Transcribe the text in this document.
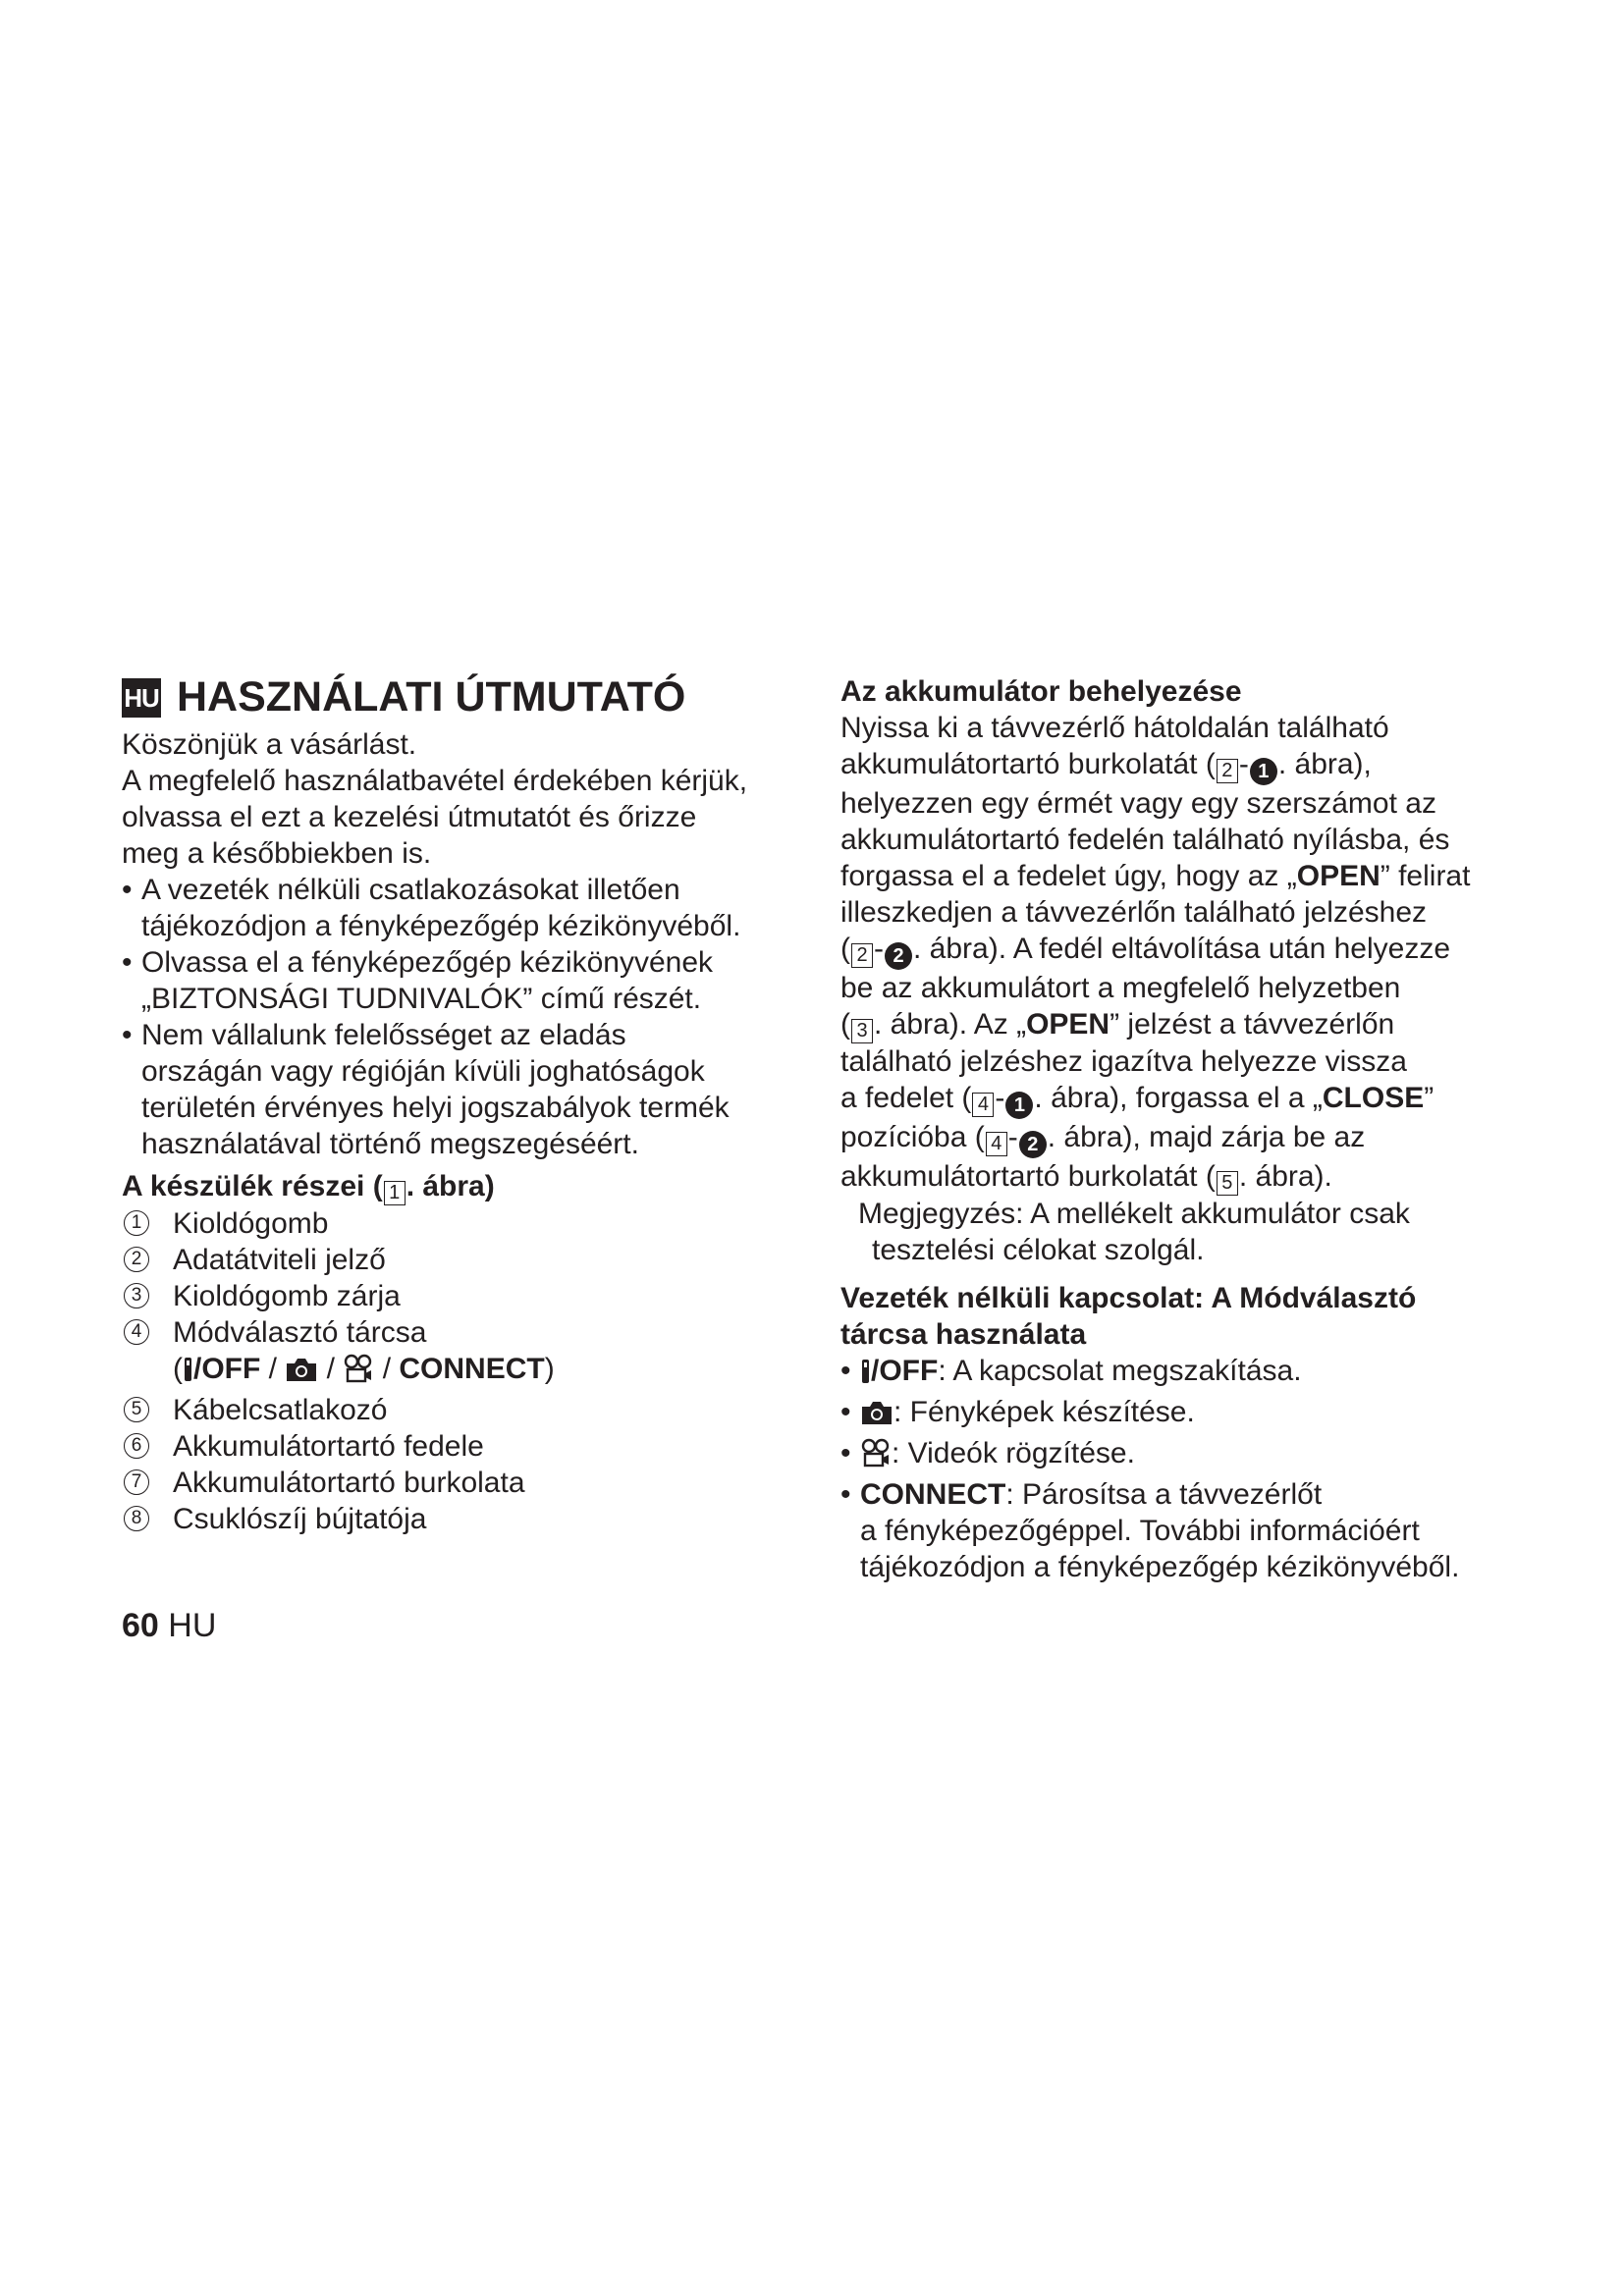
HU HASZNÁLATI ÚTMUTATÓ

Köszönjük a vásárlást.

A megfelelő használatbavétel érdekében kérjük,

olvassa el ezt a kezelési útmutatót és őrizze

meg a későbbiekben is.

• A vezeték nélküli csatlakozásokat illetően
tájékozódjon a fényképezőgép kézikönyvéből.
• Olvassa el a fényképezőgép kézikönyvének
„BIZTONSÁGI TUDNIVALÓK” című részét.
• Nem vállalunk felelősséget az eladás
országán vagy régióján kívüli joghatóságok
területén érvényes helyi jogszabályok termék
használatával történő megszegéséért.

A készülék részei ( 1 . ábra)

1 Kioldógomb
2 Adatátviteli jelző
3 Kioldógomb zárja
4 Módválasztó tárcsa
( /OFF /  /  / CONNECT)
5 Kábelcsatlakozó
6 Akkumulátortartó fedele
7 Akkumulátortartó burkolata
8 Csuklószíj bújtatója

Az akkumulátor behelyezése

Nyissa ki a távvezérlő hátoldalán található

akkumulátortartó burkolatát ( 2 - 1 . ábra),

helyezzen egy érmét vagy egy szerszámot az

akkumulátortartó fedelén található nyílásba, és

forgassa el a fedelet úgy, hogy az „OPEN” felirat

illeszkedjen a távvezérlőn található jelzéshez

( 2 - 2 . ábra). A fedél eltávolítása után helyezze

be az akkumulátort a megfelelő helyzetben

( 3 . ábra). Az „OPEN” jelzést a távvezérlőn

található jelzéshez igazítva helyezze vissza

a fedelet ( 4 - 1 . ábra), forgassa el a „CLOSE”

pozícióba ( 4 - 2 . ábra), majd zárja be az

akkumulátortartó burkolatát ( 5 . ábra).

Megjegyzés: A mellékelt akkumulátor csak

tesztelési célokat szolgál.

Vezeték nélküli kapcsolat: A Módválasztó

tárcsa használata

• /OFF: A kapcsolat megszakítása.
• : Fényképek készítése.
• : Videók rögzítése.
• CONNECT: Párosítsa a távvezérlőt
a fényképezőgéppel. További információért
tájékozódjon a fényképezőgép kézikönyvéből.
60 HU
